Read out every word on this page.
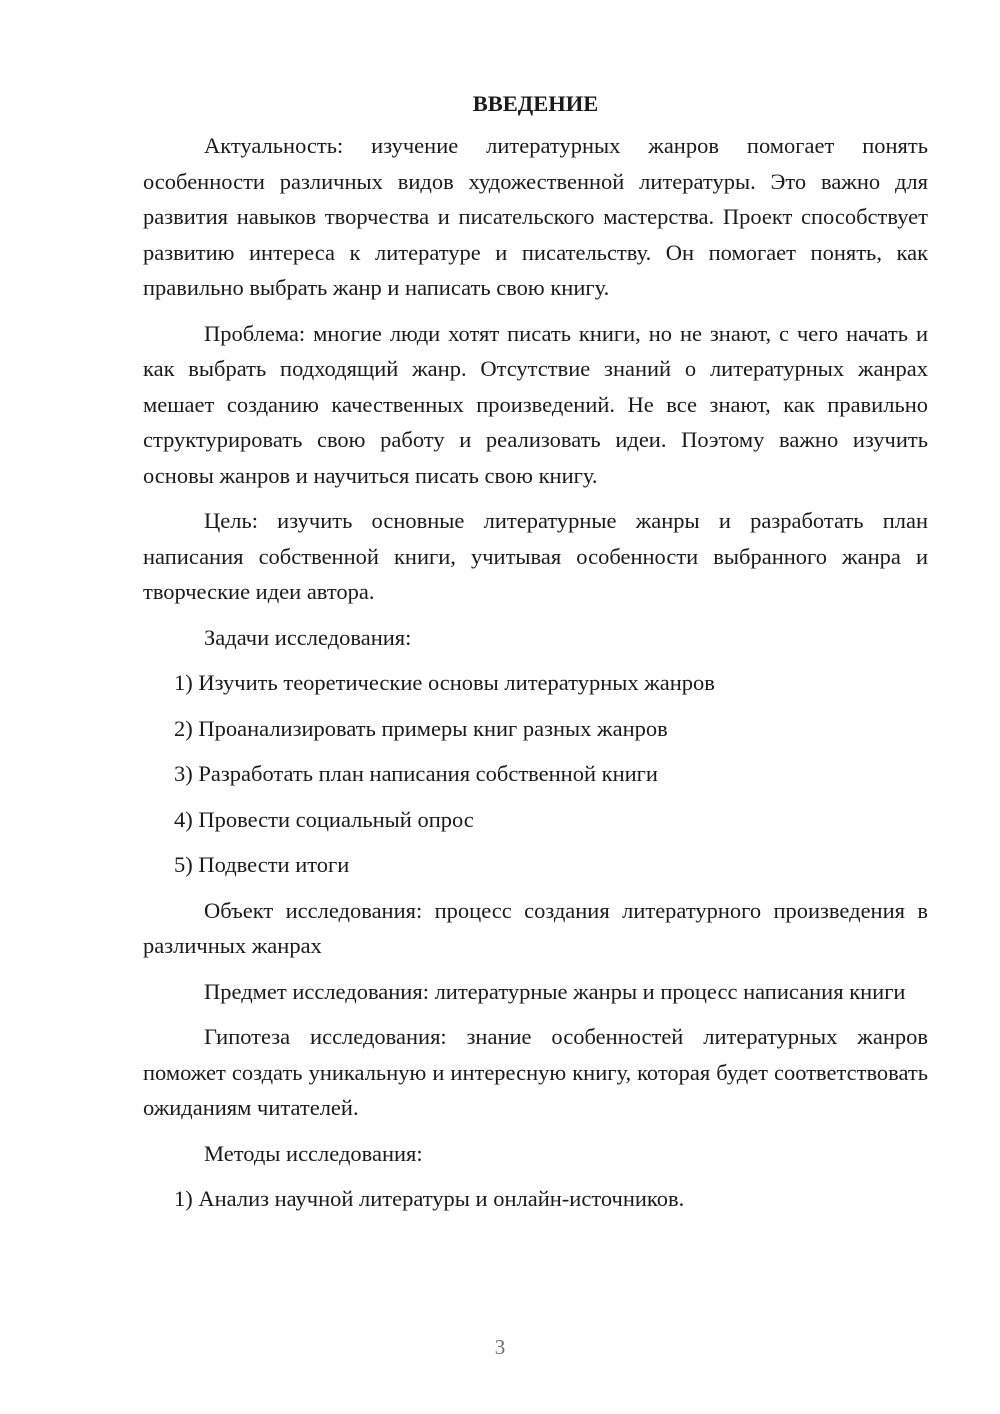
ВВЕДЕНИЕ

Актуальность: изучение литературных жанров помогает понять особенности различных видов художественной литературы. Это важно для развития навыков творчества и писательского мастерства. Проект способствует развитию интереса к литературе и писательству. Он помогает понять, как правильно выбрать жанр и написать свою книгу.

Проблема: многие люди хотят писать книги, но не знают, с чего начать и как выбрать подходящий жанр. Отсутствие знаний о литературных жанрах мешает созданию качественных произведений. Не все знают, как правильно структурировать свою работу и реализовать идеи. Поэтому важно изучить основы жанров и научиться писать свою книгу.

Цель: изучить основные литературные жанры и разработать план написания собственной книги, учитывая особенности выбранного жанра и творческие идеи автора.

Задачи исследования:

1) Изучить теоретические основы литературных жанров

2) Проанализировать примеры книг разных жанров

3) Разработать план написания собственной книги

4) Провести социальный опрос

5) Подвести итоги

Объект исследования: процесс создания литературного произведения в различных жанрах

Предмет исследования: литературные жанры и процесс написания книги

Гипотеза исследования: знание особенностей литературных жанров поможет создать уникальную и интересную книгу, которая будет соответствовать ожиданиям читателей.

Методы исследования:

1) Анализ научной литературы и онлайн-источников.

3
